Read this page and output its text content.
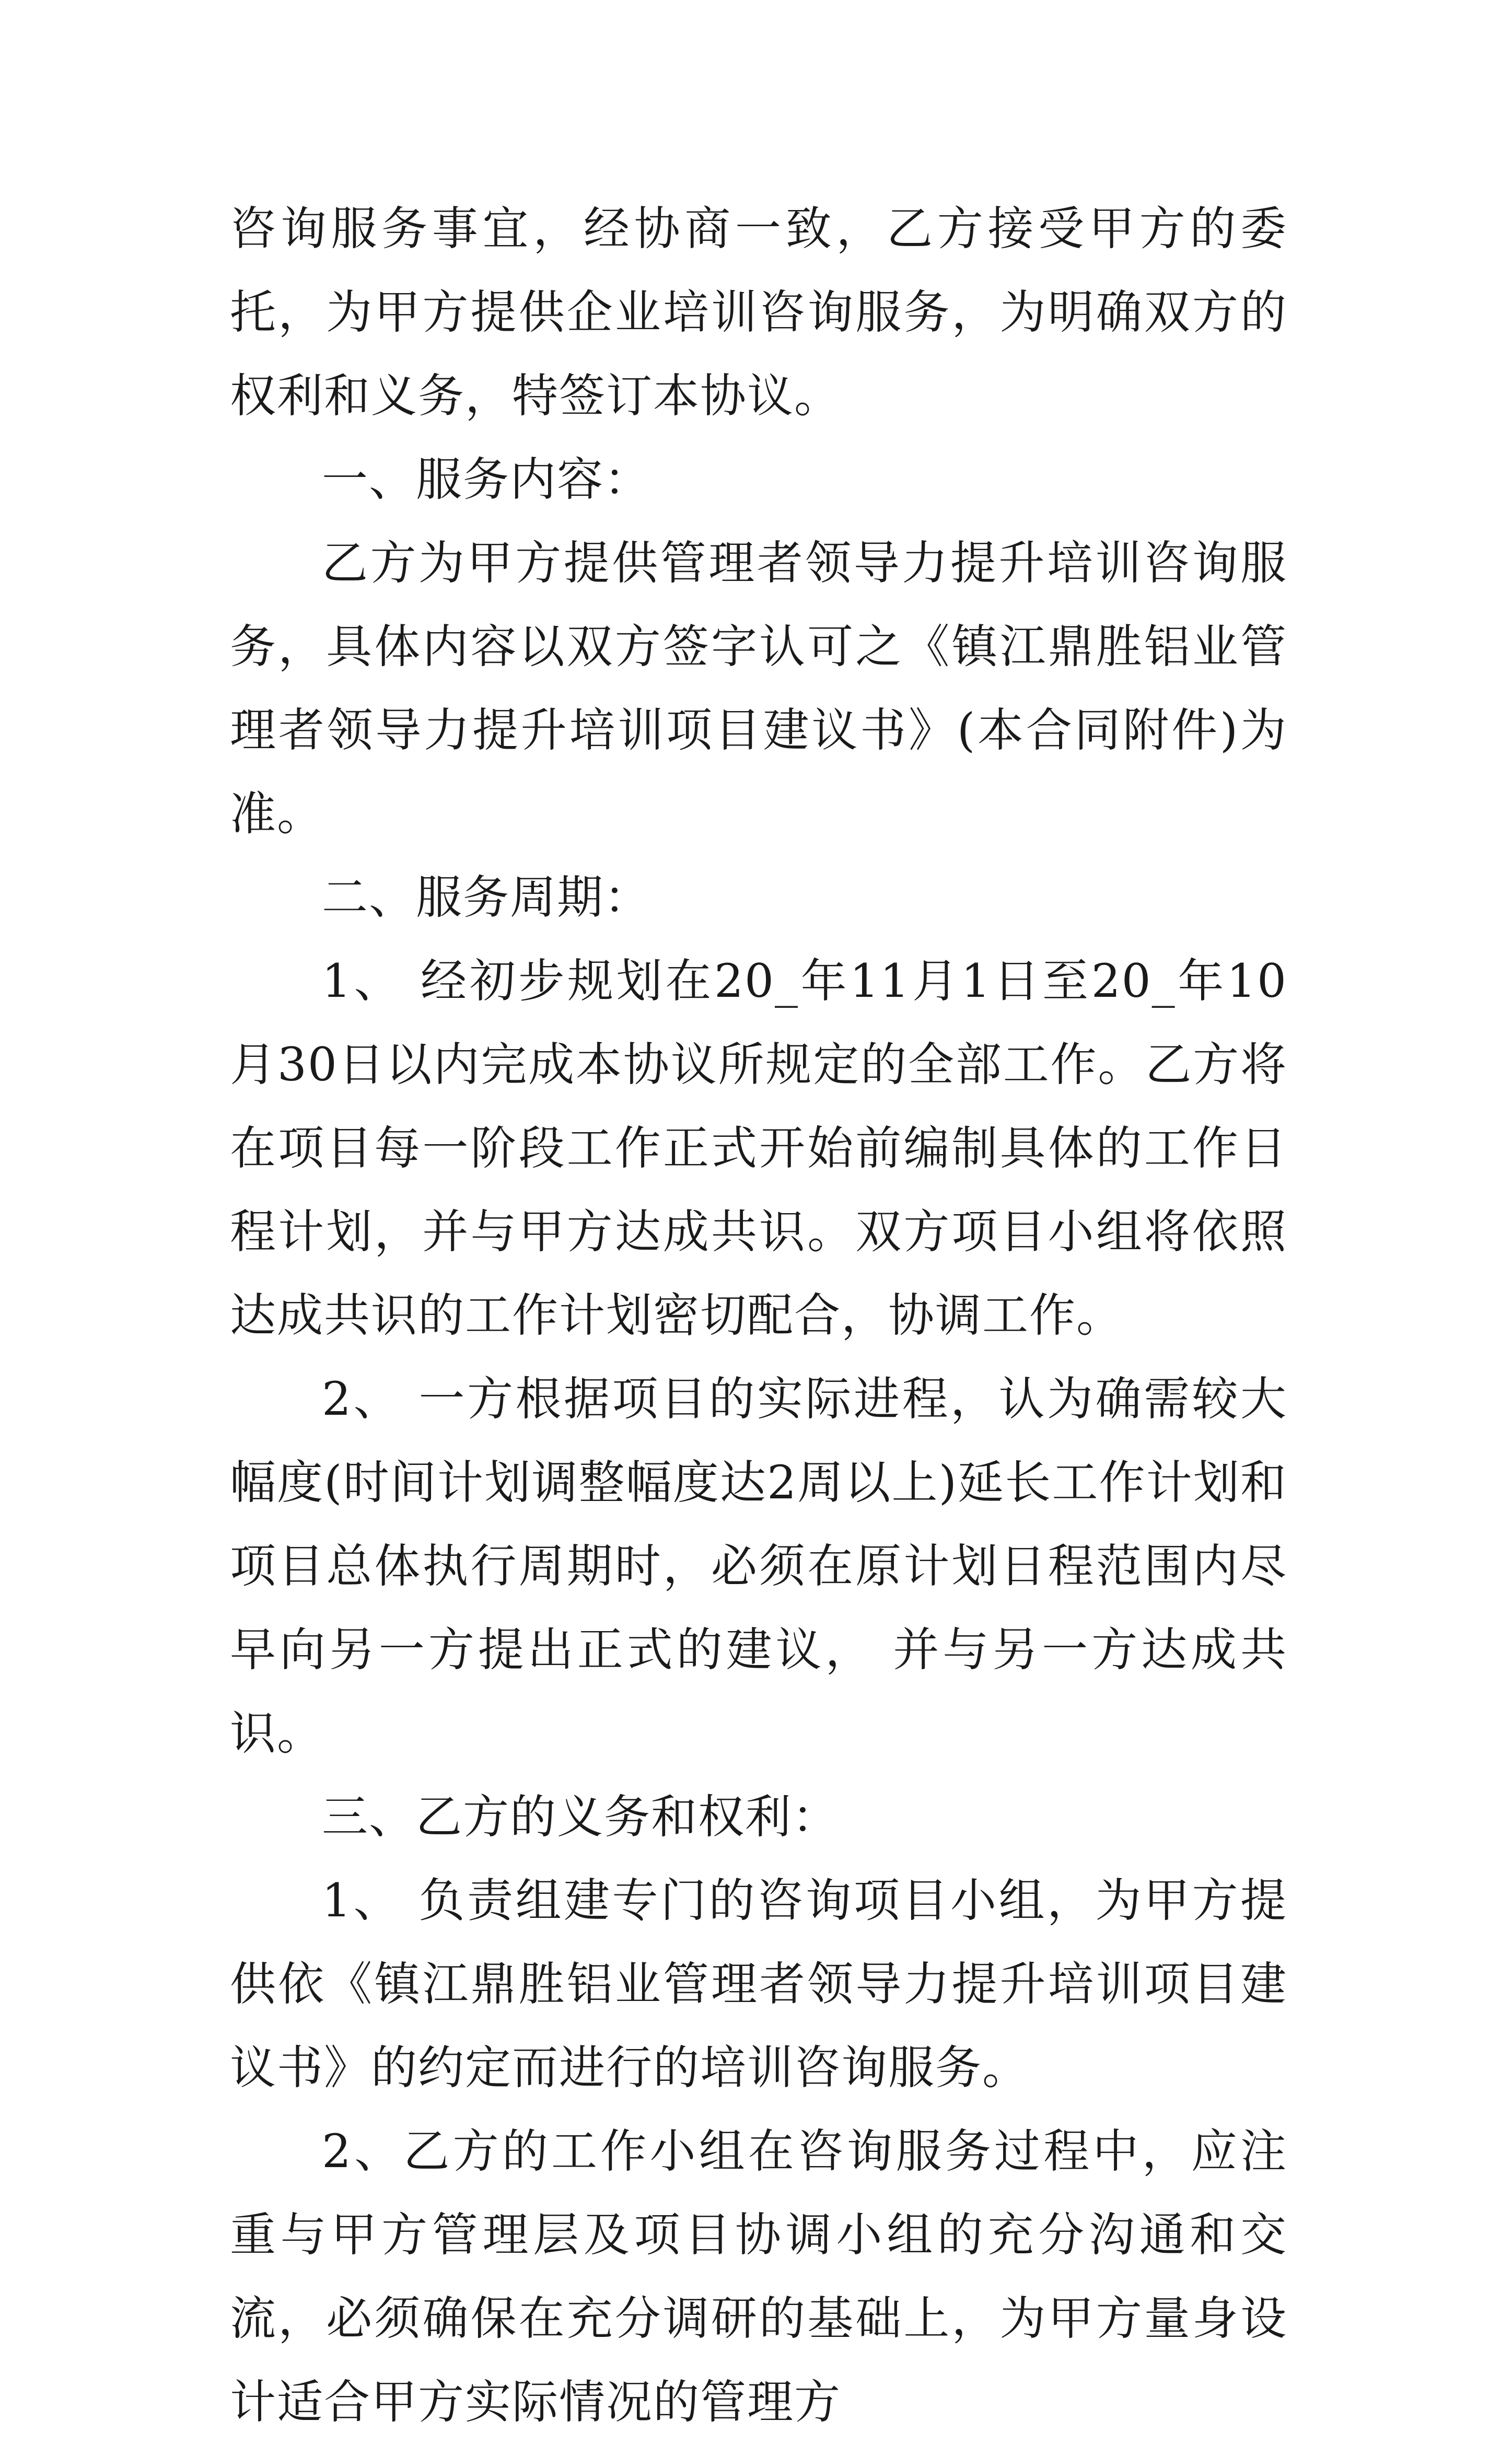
咨询服务事宜，经协商一致，乙方接受甲方的委托，为甲方提供企业培训咨询服务，为明确双方的权利和义务，特签订本协议。

一、服务内容：

乙方为甲方提供管理者领导力提升培训咨询服务，具体内容以双方签字认可之《镇江鼎胜铝业管理者领导力提升培训项目建议书》(本合同附件)为准。

二、服务周期：

1、 经初步规划在20_年11月1日至20_年10月30日以内完成本协议所规定的全部工作。乙方将在项目每一阶段工作正式开始前编制具体的工作日程计划，并与甲方达成共识。双方项目小组将依照达成共识的工作计划密切配合，协调工作。

2、 一方根据项目的实际进程，认为确需较大幅度(时间计划调整幅度达2周以上)延长工作计划和项目总体执行周期时，必须在原计划日程范围内尽早向另一方提出正式的建议， 并与另一方达成共识。

三、乙方的义务和权利：

1、 负责组建专门的咨询项目小组，为甲方提供依《镇江鼎胜铝业管理者领导力提升培训项目建议书》的约定而进行的培训咨询服务。

2、乙方的工作小组在咨询服务过程中，应注重与甲方管理层及项目协调小组的充分沟通和交流，必须确保在充分调研的基础上，为甲方量身设计适合甲方实际情况的管理方
